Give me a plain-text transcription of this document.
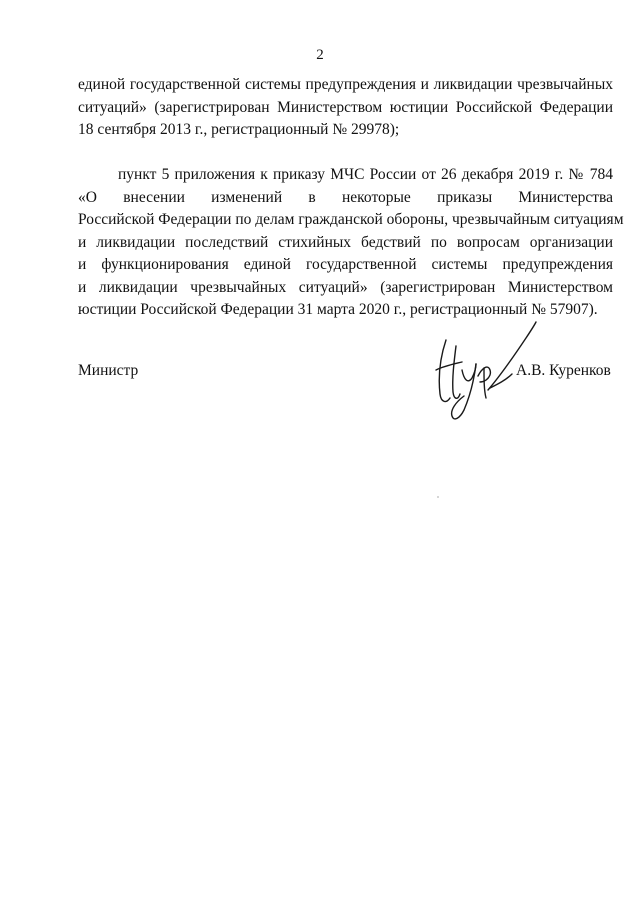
2
единой государственной системы предупреждения и ликвидации чрезвычайных
ситуаций» (зарегистрирован Министерством юстиции Российской Федерации
18 сентября 2013 г., регистрационный № 29978);
пункт 5 приложения к приказу МЧС России от 26 декабря 2019 г. № 784
«О внесении изменений в некоторые приказы Министерства
Российской Федерации по делам гражданской обороны, чрезвычайным ситуациям
и ликвидации последствий стихийных бедствий по вопросам организации
и функционирования единой государственной системы предупреждения
и ликвидации чрезвычайных ситуаций» (зарегистрирован Министерством
юстиции Российской Федерации 31 марта 2020 г., регистрационный № 57907).
Министр	А.В. Куренков
